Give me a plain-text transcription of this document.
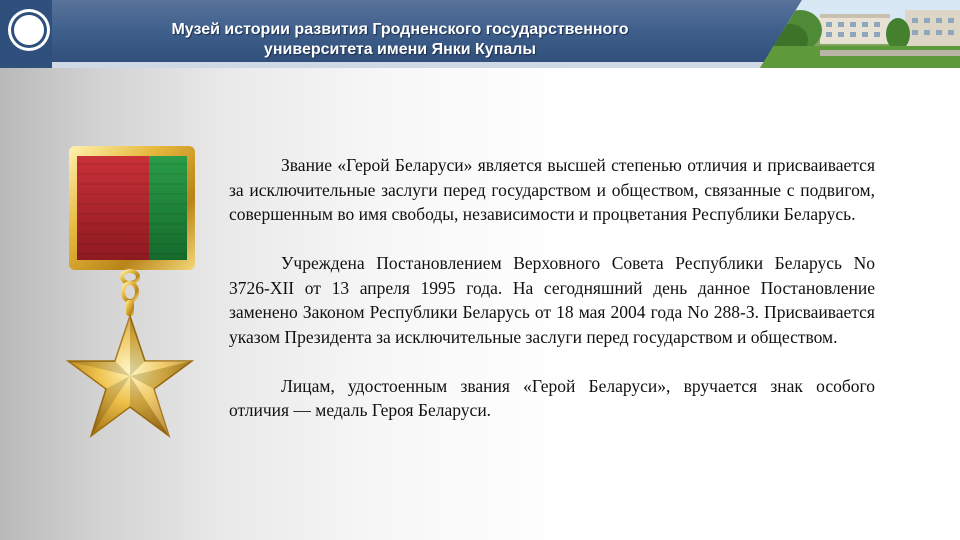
Музей истории развития Гродненского государственного
университета имени Янки Купалы

Звание «Герой Беларуси» является высшей степенью отличия и присваивается за исключительные заслуги перед государством и обществом, связанные с подвигом, совершенным во имя свободы, независимости и процветания Республики Беларусь.

Учреждена Постановлением Верховного Совета Республики Беларусь No 3726-XII от 13 апреля 1995 года. На сегодняшний день данное Постановление заменено Законом Республики Беларусь от 18 мая 2004 года No 288-З. Присваивается указом Президента за исключительные заслуги перед государством и обществом.

Лицам, удостоенным звания «Герой Беларуси», вручается знак особого отличия — медаль Героя Беларуси.
